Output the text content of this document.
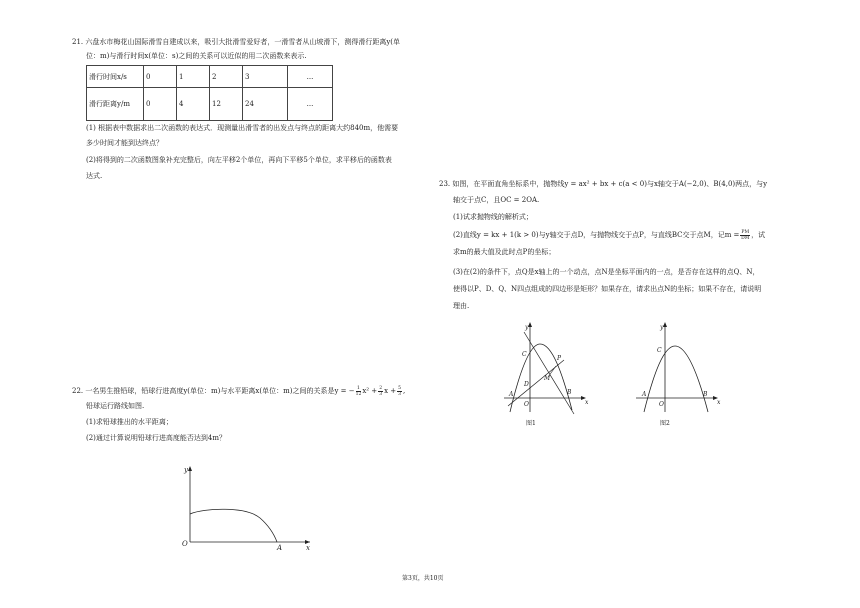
21. 六盘水市梅花山国际滑雪自建成以来，吸引大批滑雪爱好者，一滑雪者从山坡滑下，测得滑行距离y(单
位：m)与滑行时间x(单位：s)之间的关系可以近似的用二次函数来表示.
滑行时间x/s	0	1	2	3	...
滑行距离y/m	0	4	12	24	...
(1) 根据表中数据求出二次函数的表达式．现测量出滑雪者的出发点与终点的距离大约840m，他需要
多少时间才能到达终点？
(2)将得到的二次函数图象补充完整后，向左平移2个单位，再向下平移5个单位，求平移后的函数表
达式.
22. 一名男生推铅球，铅球行进高度y(单位：m)与水平距离x(单位：m)之间的关系是y = − $\frac{1}{12} x^2 + \frac{2}{3}$ $x + \frac{5}{3}$ ,
铅球运行路线如图.
(1)求铅球推出的水平距离；
(2)通过计算说明铅球行进高度能否达到4m？
y
x
O	A
23. 如图，在平面直角坐标系中，抛物线y = ax² + bx + c(a < 0)与x轴交于A(−2,0)、B(4,0)两点，与y
轴交于点C，且OC = 2OA.
(1)试求抛物线的解析式；
(2)直线y = kx + 1(k > 0)与y轴交于点D，与抛物线交于点P，与直线BC交于点M，记$m = \frac{PM}{DM}$ ，试
求m的最大值及此时点P的坐标；
(3)在(2)的条件下，点Q是x轴上的一个动点，点N是坐标平面内的一点，是否存在这样的点Q、N，
使得以P、D、Q、N四点组成的四边形是矩形？如果存在，请求出点N的坐标；如果不存在，请说明
理由.
y
x
C
P
D
M
A	B
O
图1
y
x
C
A	B
O
图2
第3页，共10页
